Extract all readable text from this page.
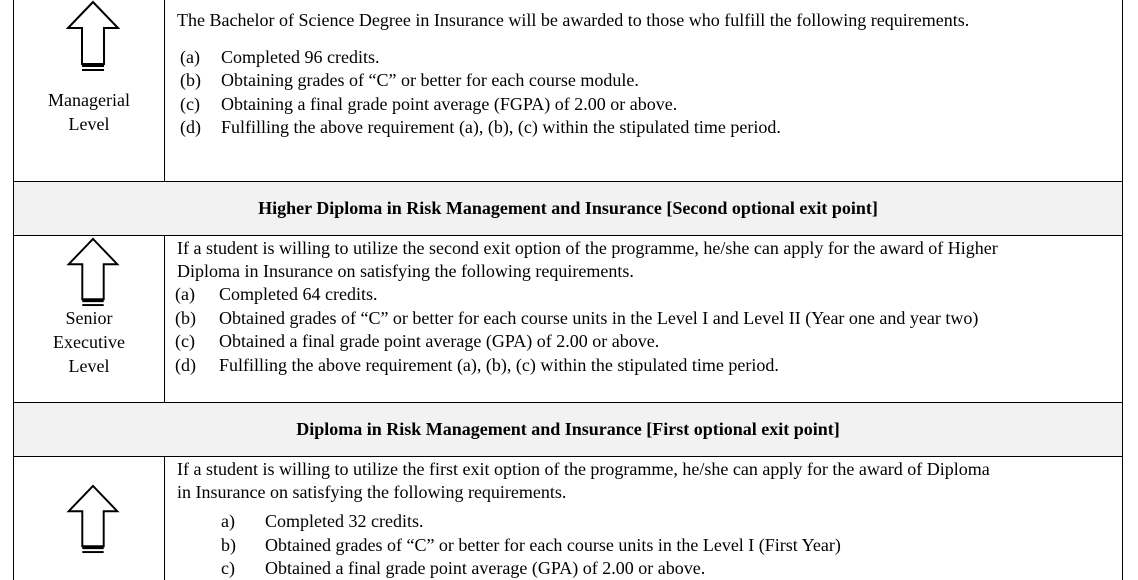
Managerial
Level
The Bachelor of Science Degree in Insurance will be awarded to those who fulfill the following requirements.
(a) Completed 96 credits.
(b) Obtaining grades of “C” or better for each course module.
(c) Obtaining a final grade point average (FGPA) of 2.00 or above.
(d) Fulfilling the above requirement (a), (b), (c) within the stipulated time period.
Higher Diploma in Risk Management and Insurance [Second optional exit point]
Senior
Executive
Level
If a student is willing to utilize the second exit option of the programme, he/she can apply for the award of Higher
Diploma in Insurance on satisfying the following requirements.
(a) Completed 64 credits.
(b) Obtained grades of “C” or better for each course units in the Level I and Level II (Year one and year two)
(c) Obtained a final grade point average (GPA) of 2.00 or above.
(d) Fulfilling the above requirement (a), (b), (c) within the stipulated time period.
Diploma in Risk Management and Insurance [First optional exit point]
If a student is willing to utilize the first exit option of the programme, he/she can apply for the award of Diploma
in Insurance on satisfying the following requirements.
a) Completed 32 credits.
b) Obtained grades of “C” or better for each course units in the Level I (First Year)
c) Obtained a final grade point average (GPA) of 2.00 or above.
